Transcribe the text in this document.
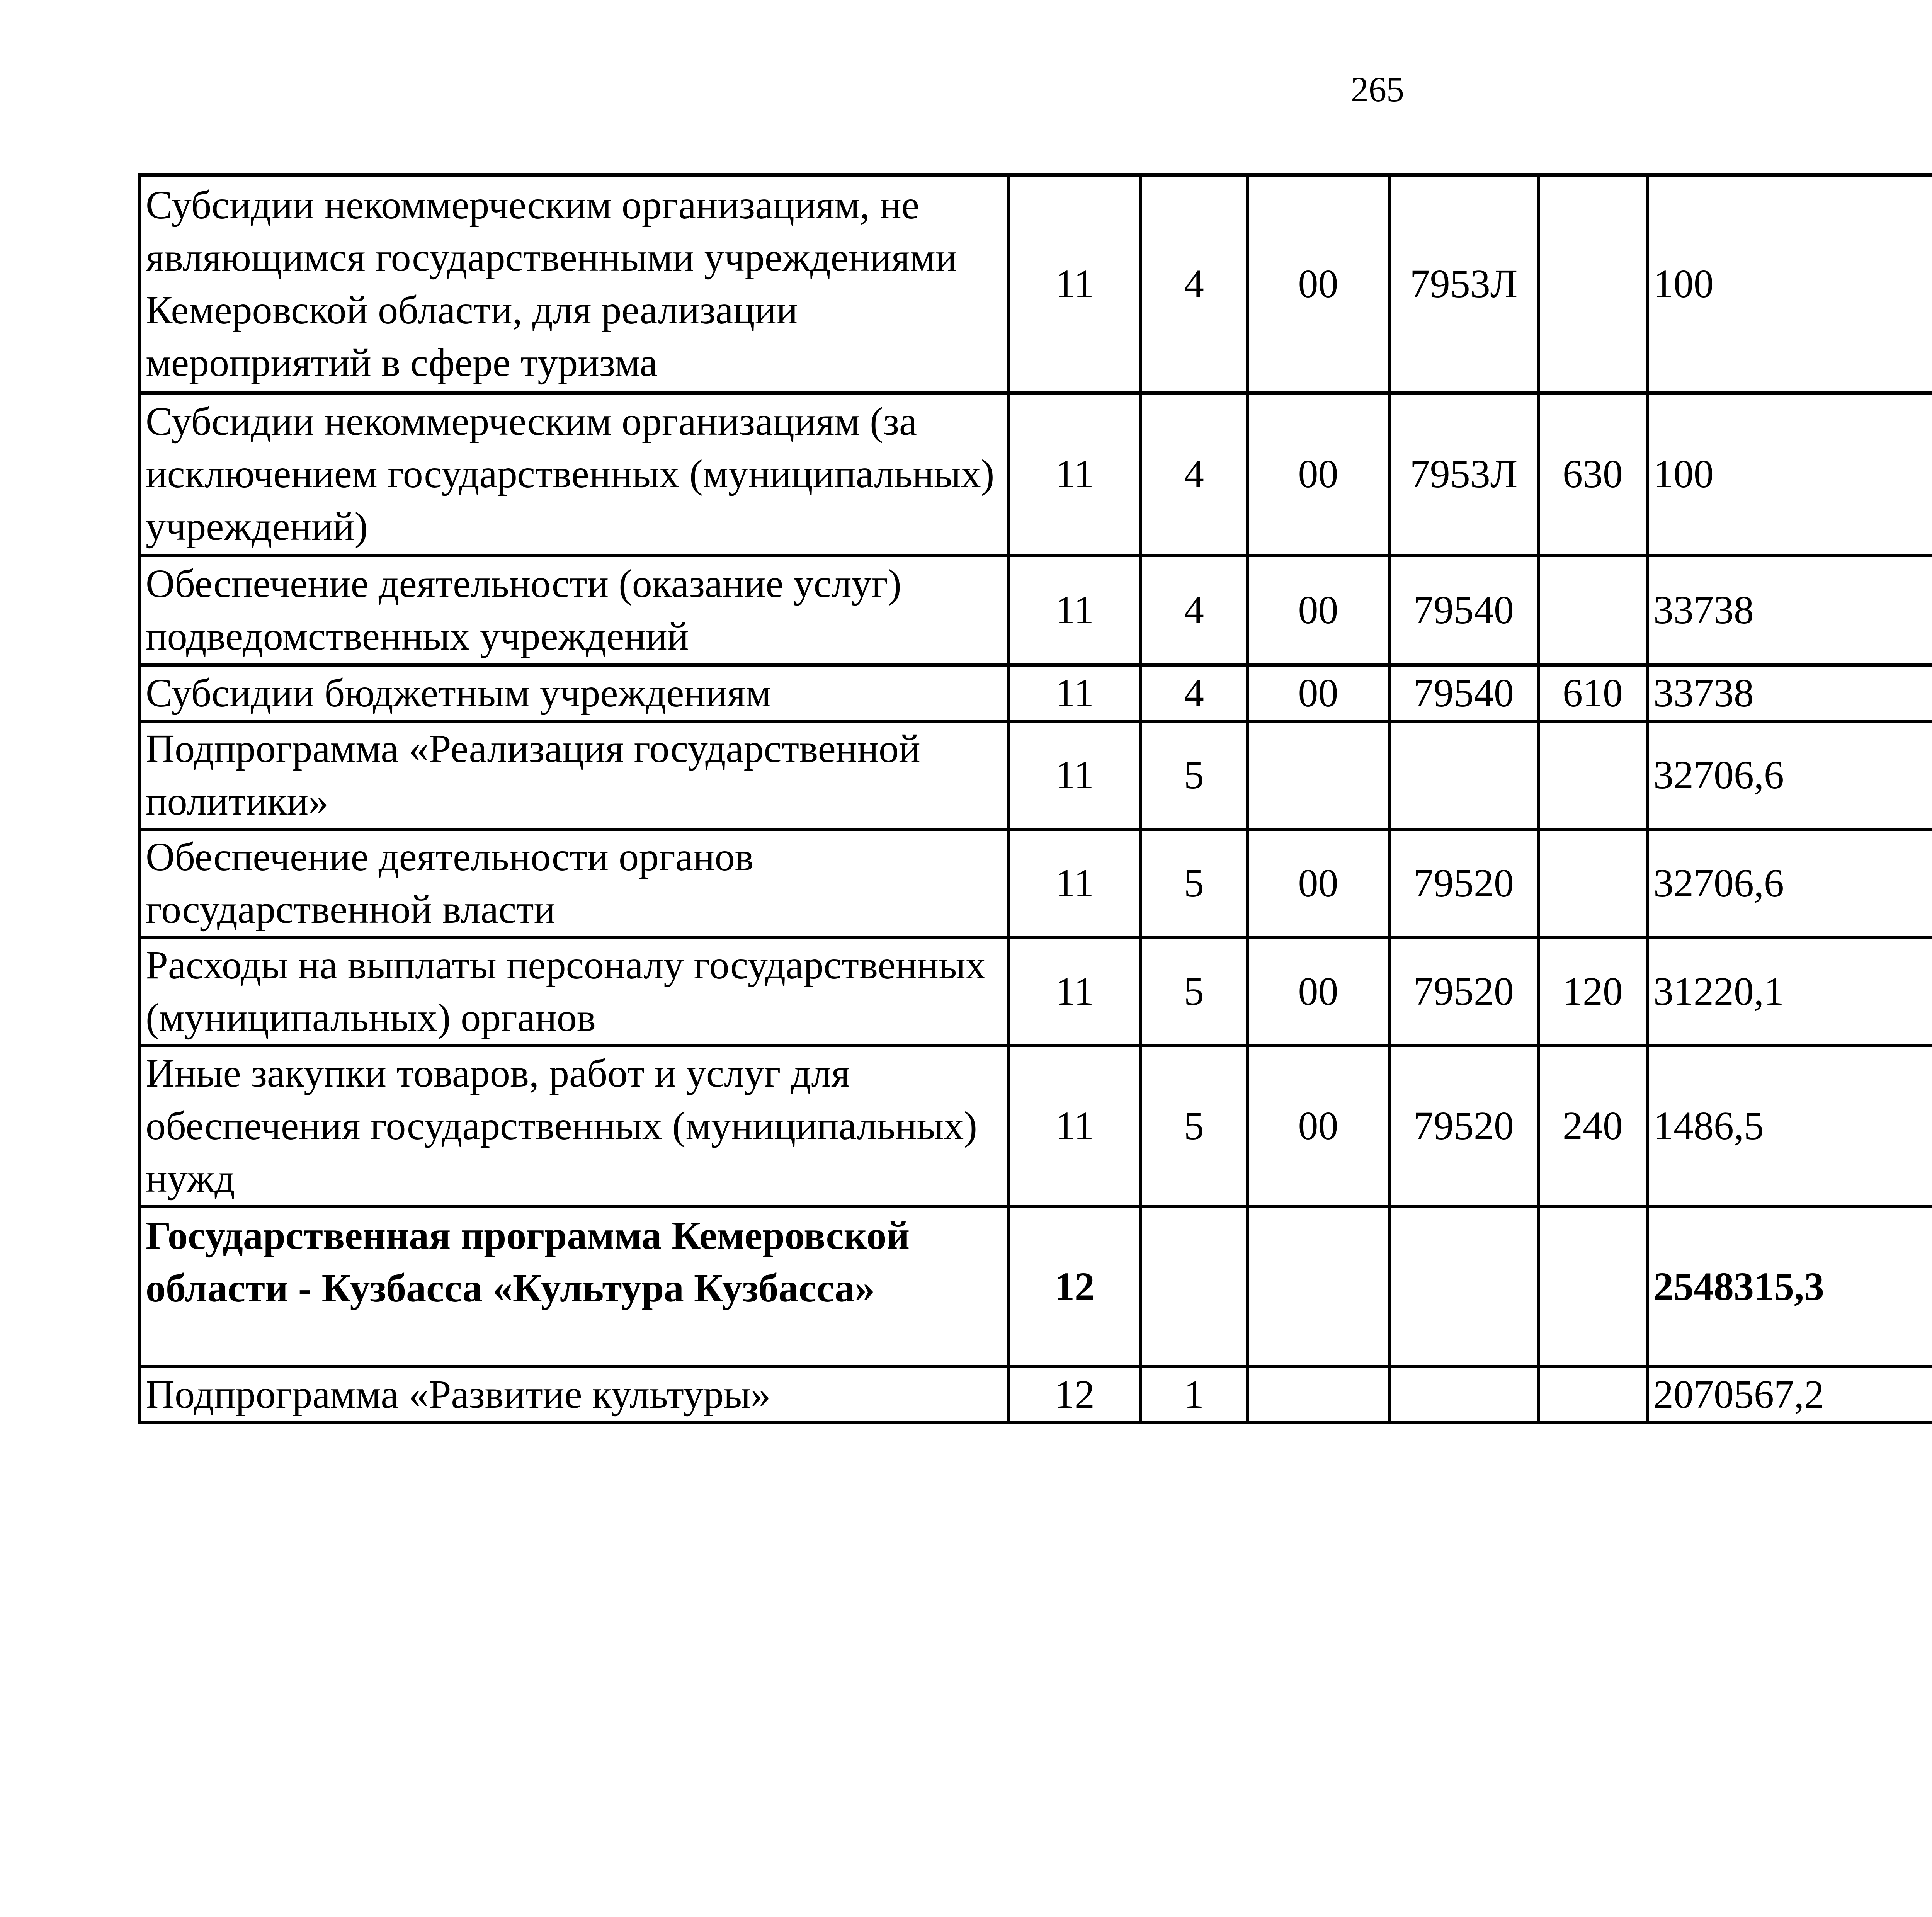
265
Субсидии некоммерческим организациям, не являющимся государственными учреждениями Кемеровской области, для реализации мероприятий в сфере туризма	11	4	00	7953Л		100		
Субсидии некоммерческим организациям (за исключением государственных (муниципальных) учреждений)	11	4	00	7953Л	630	100		
Обеспечение деятельности (оказание услуг) подведомственных учреждений	11	4	00	79540		33738		
Субсидии бюджетным учреждениям	11	4	00	79540	610	33738		
Подпрограмма «Реализация государственной политики»	11	5				32706,6		
Обеспечение деятельности органов государственной власти	11	5	00	79520		32706,6		
Расходы на выплаты персоналу государственных (муниципальных) органов	11	5	00	79520	120	31220,1		
Иные закупки товаров, работ и услуг для обеспечения государственных (муниципальных) нужд	11	5	00	79520	240	1486,5		
Государственная программа Кемеровской области - Кузбасса «Культура Кузбасса»	12					2548315,3		
Подпрограмма «Развитие культуры»	12	1				2070567,2		
